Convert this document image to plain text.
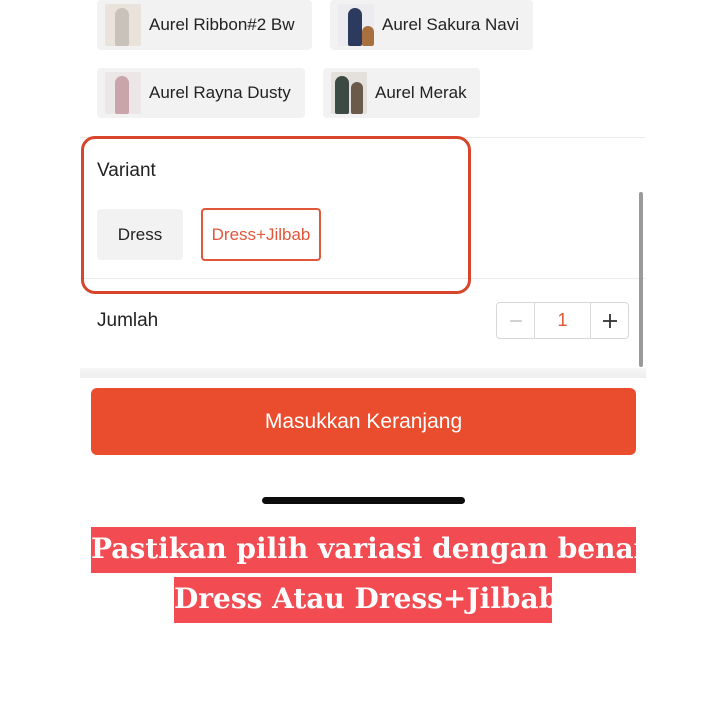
Aurel Ribbon#2 Bw	Aurel Sakura Navi
Aurel Rayna Dusty	Aurel Merak
Variant
Dress	Dress+Jilbab
Jumlah	1
Masukkan Keranjang
Pastikan pilih variasi dengan benar
Dress Atau Dress+Jilbab
